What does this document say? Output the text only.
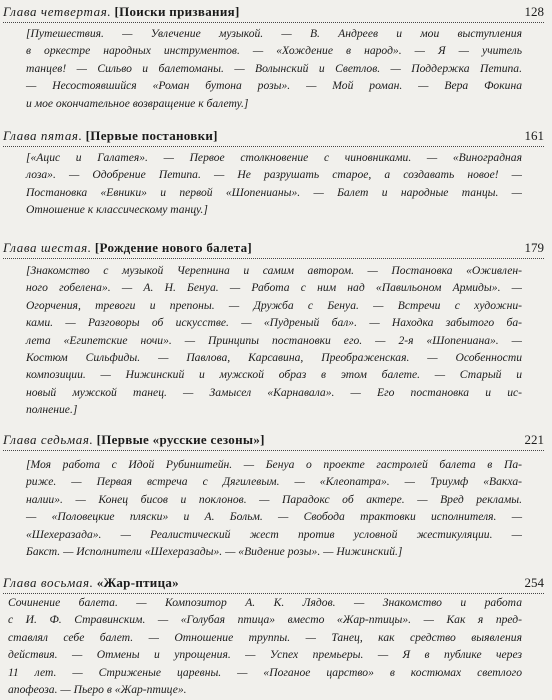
Глава четвертая. [Поиски призвания]	128
[Путешествия. — Увлечение музыкой. — В. Андреев и мои выступления
в оркестре народных инструментов. — «Хождение в народ». — Я — учитель
танцев! — Сильво и балетоманы. — Волынский и Светлов. — Поддержка Петипа.
— Несостоявшийся «Роман бутона розы». — Мой роман. — Вера Фокина
и мое окончательное возвращение к балету.]
Глава пятая. [Первые постановки]	161
[«Ацис и Галатея». — Первое столкновение с чиновниками. — «Виноградная
лоза». — Одобрение Петипа. — Не разрушать старое, а создавать новое! —
Постановка «Евники» и первой «Шопенианы». — Балет и народные танцы. —
Отношение к классическому танцу.]
Глава шестая. [Рождение нового балета]	179
[Знакомство с музыкой Черепнина и самим автором. — Постановка «Оживлен-
ного гобелена». — А. Н. Бенуа. — Работа с ним над «Павильоном Армиды». —
Огорчения, тревоги и препоны. — Дружба с Бенуа. — Встречи с художни-
ками. — Разговоры об искусстве. — «Пудреный бал». — Находка забытого ба-
лета «Египетские ночи». — Принципы постановки его. — 2-я «Шопениана». —
Костюм Сильфиды. — Павлова, Карсавина, Преображенская. — Особенности
композиции. — Нижинский и мужской образ в этом балете. — Старый и
новый мужской танец. — Замысел «Карнавала». — Его постановка и ис-
полнение.]
Глава седьмая. [Первые «русские сезоны»]	221
[Моя работа с Идой Рубинштейн. — Бенуа о проекте гастролей балета в Па-
риже. — Первая встреча с Дягилевым. — «Клеопатра». — Триумф «Вакха-
налии». — Конец бисов и поклонов. — Парадокс об актере. — Вред рекламы.
— «Половецкие пляски» и А. Больм. — Свобода трактовки исполнителя. —
«Шехеразада». — Реалистический жест против условной жестикуляции. —
Бакст. — Исполнители «Шехеразады». — «Видение розы». — Нижинский.]
Глава восьмая. «Жар-птица»	254
Сочинение балета. — Композитор А. К. Лядов. — Знакомство и работа
с И. Ф. Стравинским. — «Голубая птица» вместо «Жар-птицы». — Как я пред-
ставлял себе балет. — Отношение труппы. — Танец, как средство выявления
действия. — Отмены и упрощения. — Успех премьеры. — Я в публике через
11 лет. — Стриженые царевны. — «Поганое царство» в костюмах светлого
апофеоза. — Пьеро в «Жар-птице».
